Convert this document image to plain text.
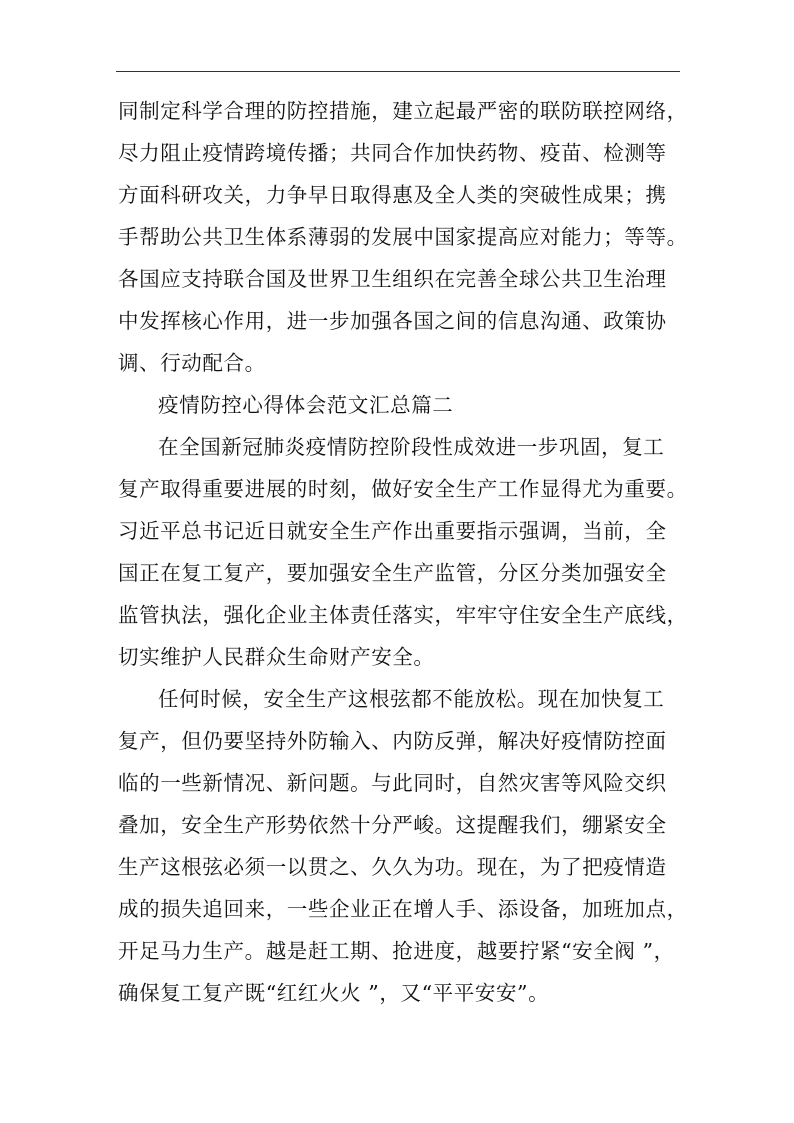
同制定科学合理的防控措施，建立起最严密的联防联控网络，
尽力阻止疫情跨境传播；共同合作加快药物、疫苗、检测等
方面科研攻关，力争早日取得惠及全人类的突破性成果；携
手帮助公共卫生体系薄弱的发展中国家提高应对能力；等等。
各国应支持联合国及世界卫生组织在完善全球公共卫生治理
中发挥核心作用，进一步加强各国之间的信息沟通、政策协
调、行动配合。
疫情防控心得体会范文汇总篇二
在全国新冠肺炎疫情防控阶段性成效进一步巩固，复工
复产取得重要进展的时刻，做好安全生产工作显得尤为重要。
习近平总书记近日就安全生产作出重要指示强调，当前，全
国正在复工复产，要加强安全生产监管，分区分类加强安全
监管执法，强化企业主体责任落实，牢牢守住安全生产底线，
切实维护人民群众生命财产安全。
任何时候，安全生产这根弦都不能放松。现在加快复工
复产，但仍要坚持外防输入、内防反弹，解决好疫情防控面
临的一些新情况、新问题。与此同时，自然灾害等风险交织
叠加，安全生产形势依然十分严峻。这提醒我们，绷紧安全
生产这根弦必须一以贯之、久久为功。现在，为了把疫情造
成的损失追回来，一些企业正在增人手、添设备，加班加点，
开足马力生产。越是赶工期、抢进度，越要拧紧“安全阀 ”，
确保复工复产既“红红火火 ”，又“平平安安”。
